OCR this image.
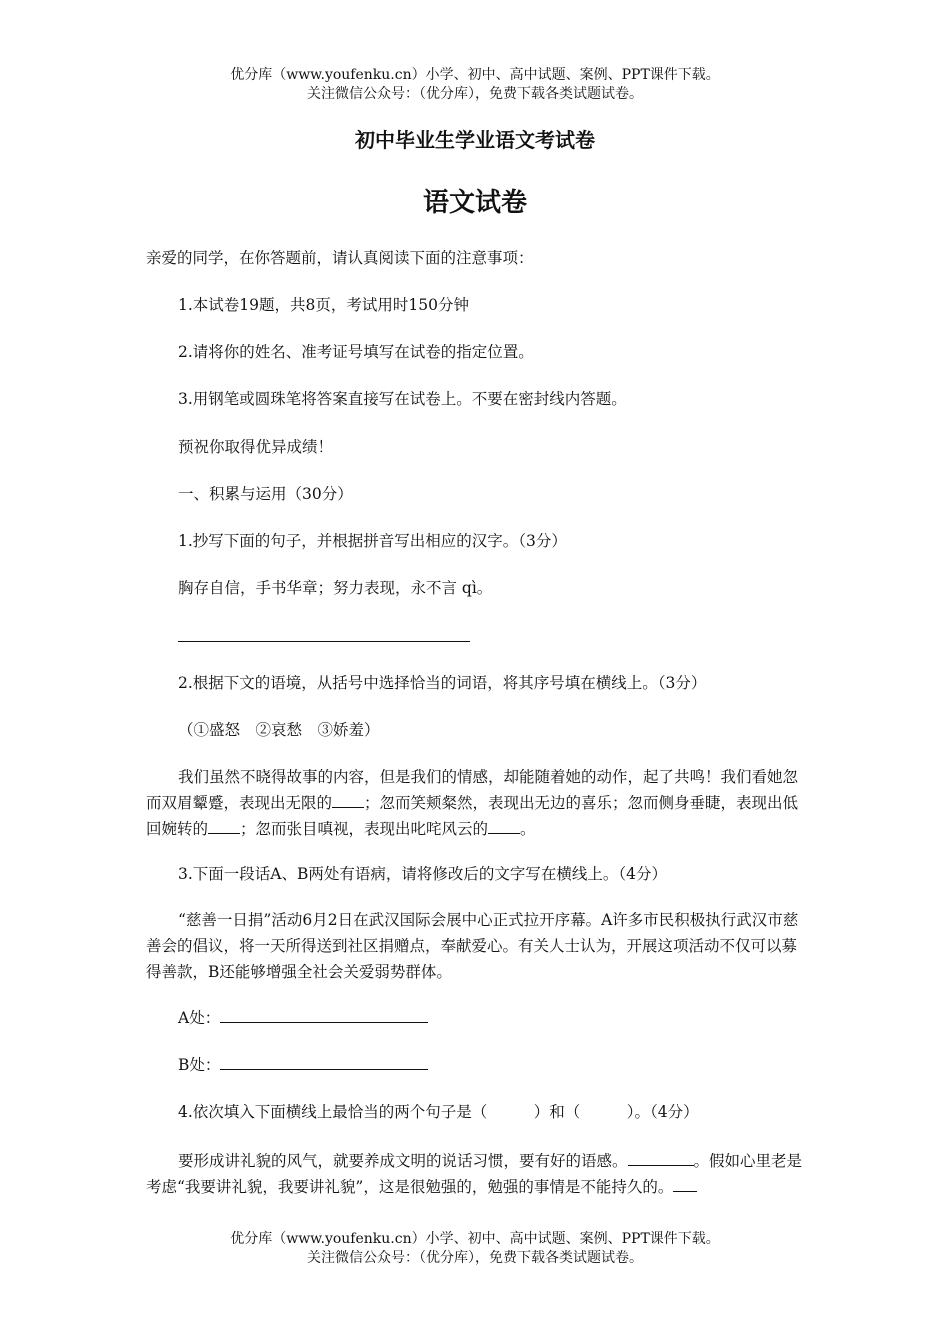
优分库（www.youfenku.cn）小学、初中、高中试题、案例、PPT课件下载。
关注微信公众号：（优分库），免费下载各类试题试卷。
初中毕业生学业语文考试卷
语文试卷
亲爱的同学，在你答题前，请认真阅读下面的注意事项：
1.本试卷19题，共8页，考试用时150分钟
2.请将你的姓名、准考证号填写在试卷的指定位置。
3.用钢笔或圆珠笔将答案直接写在试卷上。不要在密封线内答题。
预祝你取得优异成绩！
一、积累与运用（30分）
1.抄写下面的句子，并根据拼音写出相应的汉字。（3分）
胸存自信，手书华章；努力表现，永不言 qì。
2.根据下文的语境，从括号中选择恰当的词语，将其序号填在横线上。（3分）
（①盛怒　②哀愁　③娇羞）
我们虽然不晓得故事的内容，但是我们的情感，却能随着她的动作，起了共鸣！我们看她忽而双眉颦蹙，表现出无限的 ；忽而笑颊粲然，表现出无边的喜乐；忽而侧身垂睫，表现出低回婉转的 ；忽而张目嗔视，表现出叱咤风云的 。
3.下面一段话A、B两处有语病，请将修改后的文字写在横线上。（4分）
“慈善一日捐”活动6月2日在武汉国际会展中心正式拉开序幕。A许多市民积极执行武汉市慈善会的倡议，将一天所得送到社区捐赠点，奉献爱心。有关人士认为，开展这项活动不仅可以募得善款，B还能够增强全社会关爱弱势群体。
A处：
B处：
4.依次填入下面横线上最恰当的两个句子是（　　　）和（　　　）。（4分）
要形成讲礼貌的风气，就要养成文明的说话习惯，要有好的语感。	。假如心里老是考虑“我要讲礼貌，我要讲礼貌”，这是很勉强的，勉强的事情是不能持久的。
优分库（www.youfenku.cn）小学、初中、高中试题、案例、PPT课件下载。
关注微信公众号：（优分库），免费下载各类试题试卷。
